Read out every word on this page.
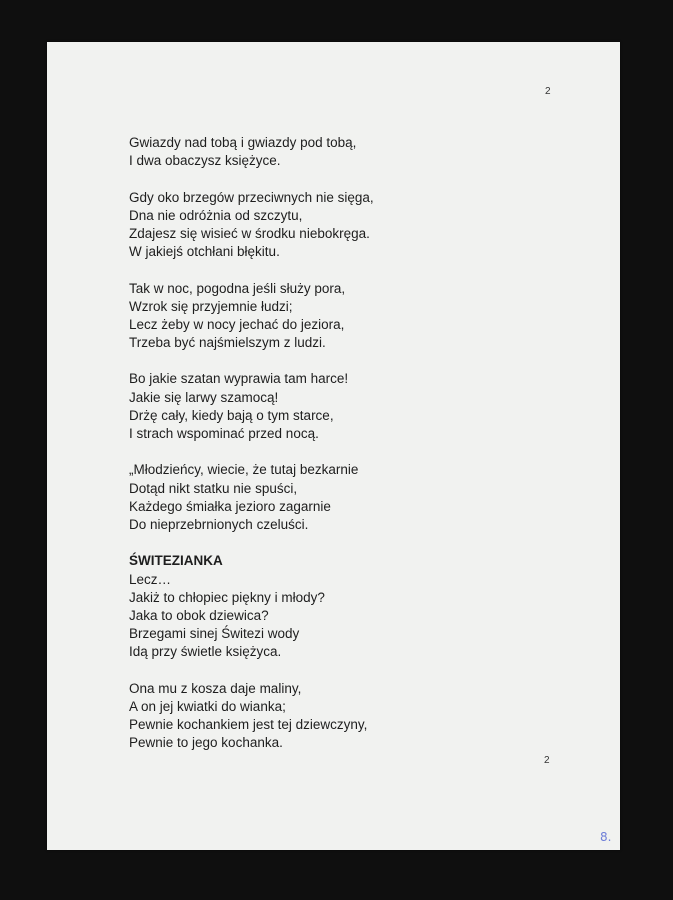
2
Gwiazdy nad tobą i gwiazdy pod tobą,
I dwa obaczysz księżyce.
Gdy oko brzegów przeciwnych nie sięga,
Dna nie odróżnia od szczytu,
Zdajesz się wisieć w środku niebokręga.
W jakiejś otchłani błękitu.
Tak w noc, pogodna jeśli służy pora,
Wzrok się przyjemnie łudzi;
Lecz żeby w nocy jechać do jeziora,
Trzeba być najśmielszym z ludzi.
Bo jakie szatan wyprawia tam harce!
Jakie się larwy szamocą!
Drżę cały, kiedy bają o tym starce,
I strach wspominać przed nocą.
„Młodzieńcy, wiecie, że tutaj bezkarnie
Dotąd nikt statku nie spuści,
Każdego śmiałka jezioro zagarnie
Do nieprzebrnionych czeluści.
ŚWITEZIANKA
Lecz…
Jakiż to chłopiec piękny i młody?
Jaka to obok dziewica?
Brzegami sinej Świtezi wody
Idą przy świetle księżyca.
Ona mu z kosza daje maliny,
A on jej kwiatki do wianka;
Pewnie kochankiem jest tej dziewczyny,
Pewnie to jego kochanka.
2
8.
